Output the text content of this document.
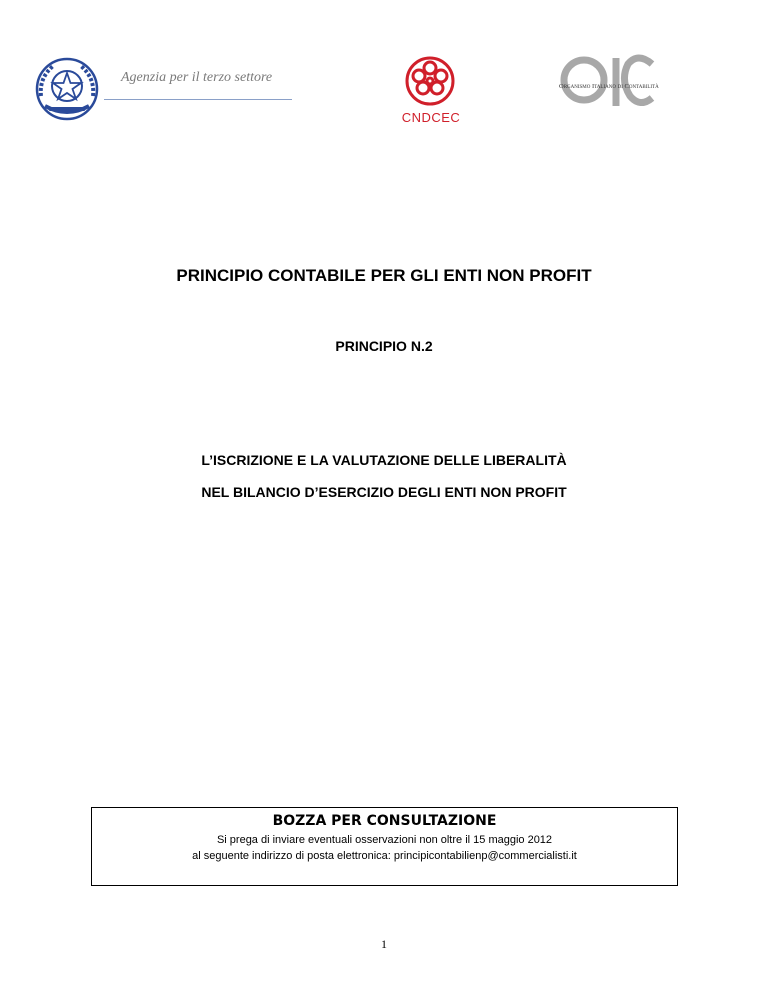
Agenzia per il terzo settore
CNDCEC
Organismo Italiano di Contabilità
PRINCIPIO CONTABILE PER GLI ENTI NON PROFIT
PRINCIPIO N.2
L’ISCRIZIONE E LA VALUTAZIONE DELLE LIBERALITÀ
NEL BILANCIO D’ESERCIZIO DEGLI ENTI NON PROFIT
BOZZA PER CONSULTAZIONE
Si prega di inviare eventuali osservazioni non oltre il 15 maggio 2012
al seguente indirizzo di posta elettronica: principicontabilienp@commercialisti.it
1
